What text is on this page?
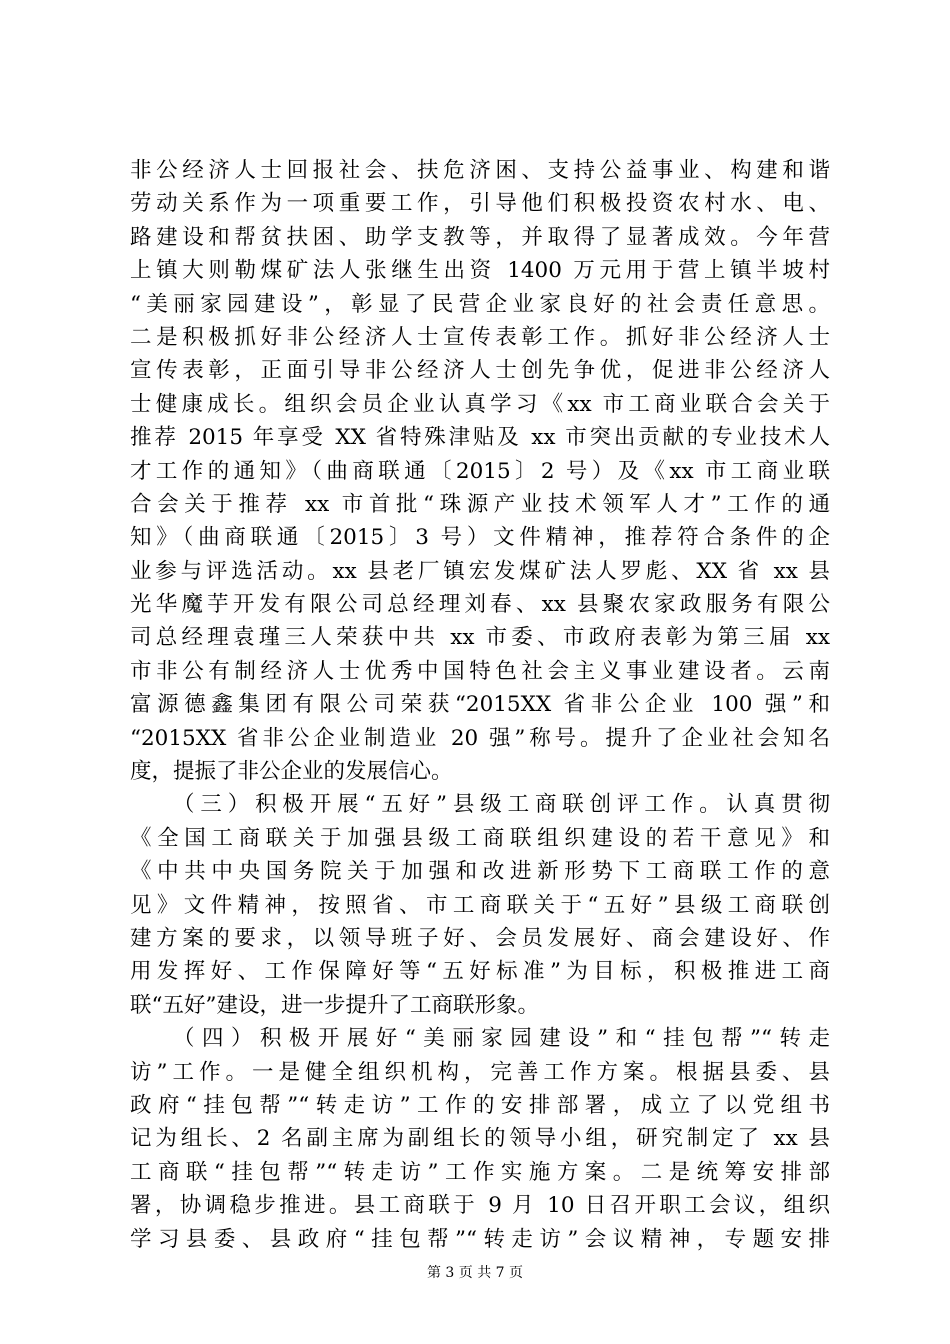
非公经济人士回报社会、扶危济困、支持公益事业、构建和谐
劳动关系作为一项重要工作，引导他们积极投资农村水、电、
路建设和帮贫扶困、助学支教等，并取得了显著成效。今年营
上镇大则勒煤矿法人张继生出资 1400 万元用于营上镇半坡村
“美丽家园建设”，彰显了民营企业家良好的社会责任意思。
二是积极抓好非公经济人士宣传表彰工作。抓好非公经济人士
宣传表彰，正面引导非公经济人士创先争优，促进非公经济人
士健康成长。组织会员企业认真学习《xx 市工商业联合会关于
推荐 2015 年享受 XX 省特殊津贴及 xx 市突出贡献的专业技术人
才工作的通知》（曲商联通〔2015〕2 号）及《xx 市工商业联
合会关于推荐 xx 市首批“珠源产业技术领军人才”工作的通
知》（曲商联通〔2015〕3 号）文件精神，推荐符合条件的企
业参与评选活动。xx 县老厂镇宏发煤矿法人罗彪、XX 省 xx 县
光华魔芋开发有限公司总经理刘春、xx 县聚农家政服务有限公
司总经理袁瑾三人荣获中共 xx 市委、市政府表彰为第三届 xx
市非公有制经济人士优秀中国特色社会主义事业建设者。云南
富源德鑫集团有限公司荣获“2015XX 省非公企业 100 强”和
“2015XX 省非公企业制造业 20 强”称号。提升了企业社会知名
度，提振了非公企业的发展信心。
（三）积极开展“五好”县级工商联创评工作。认真贯彻
《全国工商联关于加强县级工商联组织建设的若干意见》和
《中共中央国务院关于加强和改进新形势下工商联工作的意
见》文件精神，按照省、市工商联关于“五好”县级工商联创
建方案的要求，以领导班子好、会员发展好、商会建设好、作
用发挥好、工作保障好等“五好标准”为目标，积极推进工商
联“五好”建设，进一步提升了工商联形象。
（四）积极开展好“美丽家园建设”和“挂包帮”“转走
访”工作。一是健全组织机构，完善工作方案。根据县委、县
政府“挂包帮”“转走访”工作的安排部署，成立了以党组书
记为组长、2 名副主席为副组长的领导小组，研究制定了 xx 县
工商联“挂包帮”“转走访”工作实施方案。二是统筹安排部
署，协调稳步推进。县工商联于 9 月 10 日召开职工会议，组织
学习县委、县政府“挂包帮”“转走访”会议精神，专题安排
第 3 页 共 7 页
